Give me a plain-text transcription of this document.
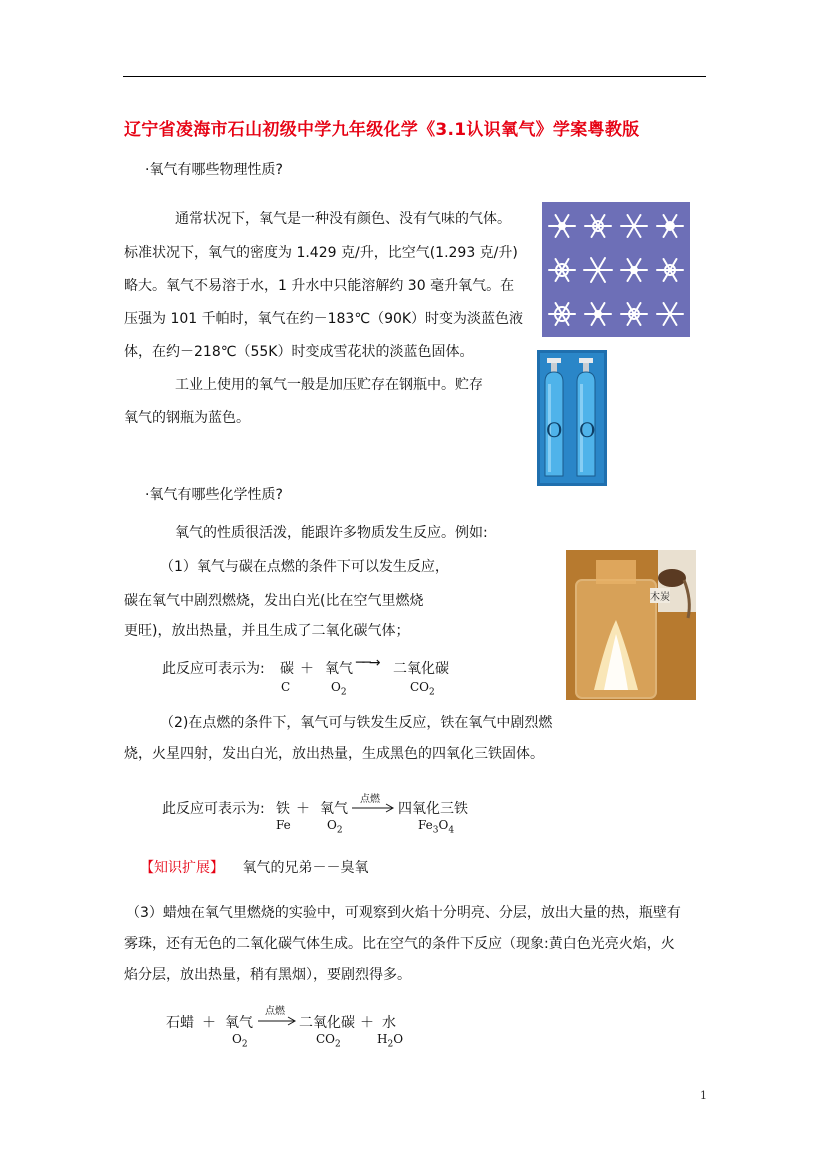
辽宁省凌海市石山初级中学九年级化学《3.1认识氧气》学案粤教版
·氧气有哪些物理性质?
通常状况下，氧气是一种没有颜色、没有气味的气体。
标准状况下，氧气的密度为 1.429 克/升，比空气(1.293 克/升)
略大。氧气不易溶于水，1 升水中只能溶解约 30 毫升氧气。在
压强为 101 千帕时，氧气在约－183℃（90K）时变为淡蓝色液
体，在约－218℃（55K）时变成雪花状的淡蓝色固体。
工业上使用的氧气一般是加压贮存在钢瓶中。贮存
氧气的钢瓶为蓝色。	O O
·氧气有哪些化学性质?
氧气的性质很活泼，能跟许多物质发生反应。例如:
（1）氧气与碳在点燃的条件下可以发生反应，
碳在氧气中剧烈燃烧，发出白光(比在空气里燃烧
更旺)，放出热量，并且生成了二氧化碳气体；
木炭
此反应可表示为: 碳 ＋ 氧气 ──→ 二氧化碳
C	$O_2$	$CO_2$
（2)在点燃的条件下，氧气可与铁发生反应，铁在氧气中剧烈燃
烧，火星四射，发出白光，放出热量，生成黑色的四氧化三铁固体。
此反应可表示为: 铁 ＋ 氧气
点燃
四氧化三铁
Fe	$O_2$	$Fe_3O_4$
【知识扩展】 氧气的兄弟－－臭氧
（3）蜡烛在氧气里燃烧的实验中，可观察到火焰十分明亮、分层，放出大量的热，瓶壁有
雾珠，还有无色的二氧化碳气体生成。比在空气的条件下反应（现象:黄白色光亮火焰，火
焰分层，放出热量，稍有黑烟），要剧烈得多。
石蜡 ＋ 氧气
点燃
二氧化碳 ＋ 水
$O_2$	$CO_2$	$H_2O$
1
